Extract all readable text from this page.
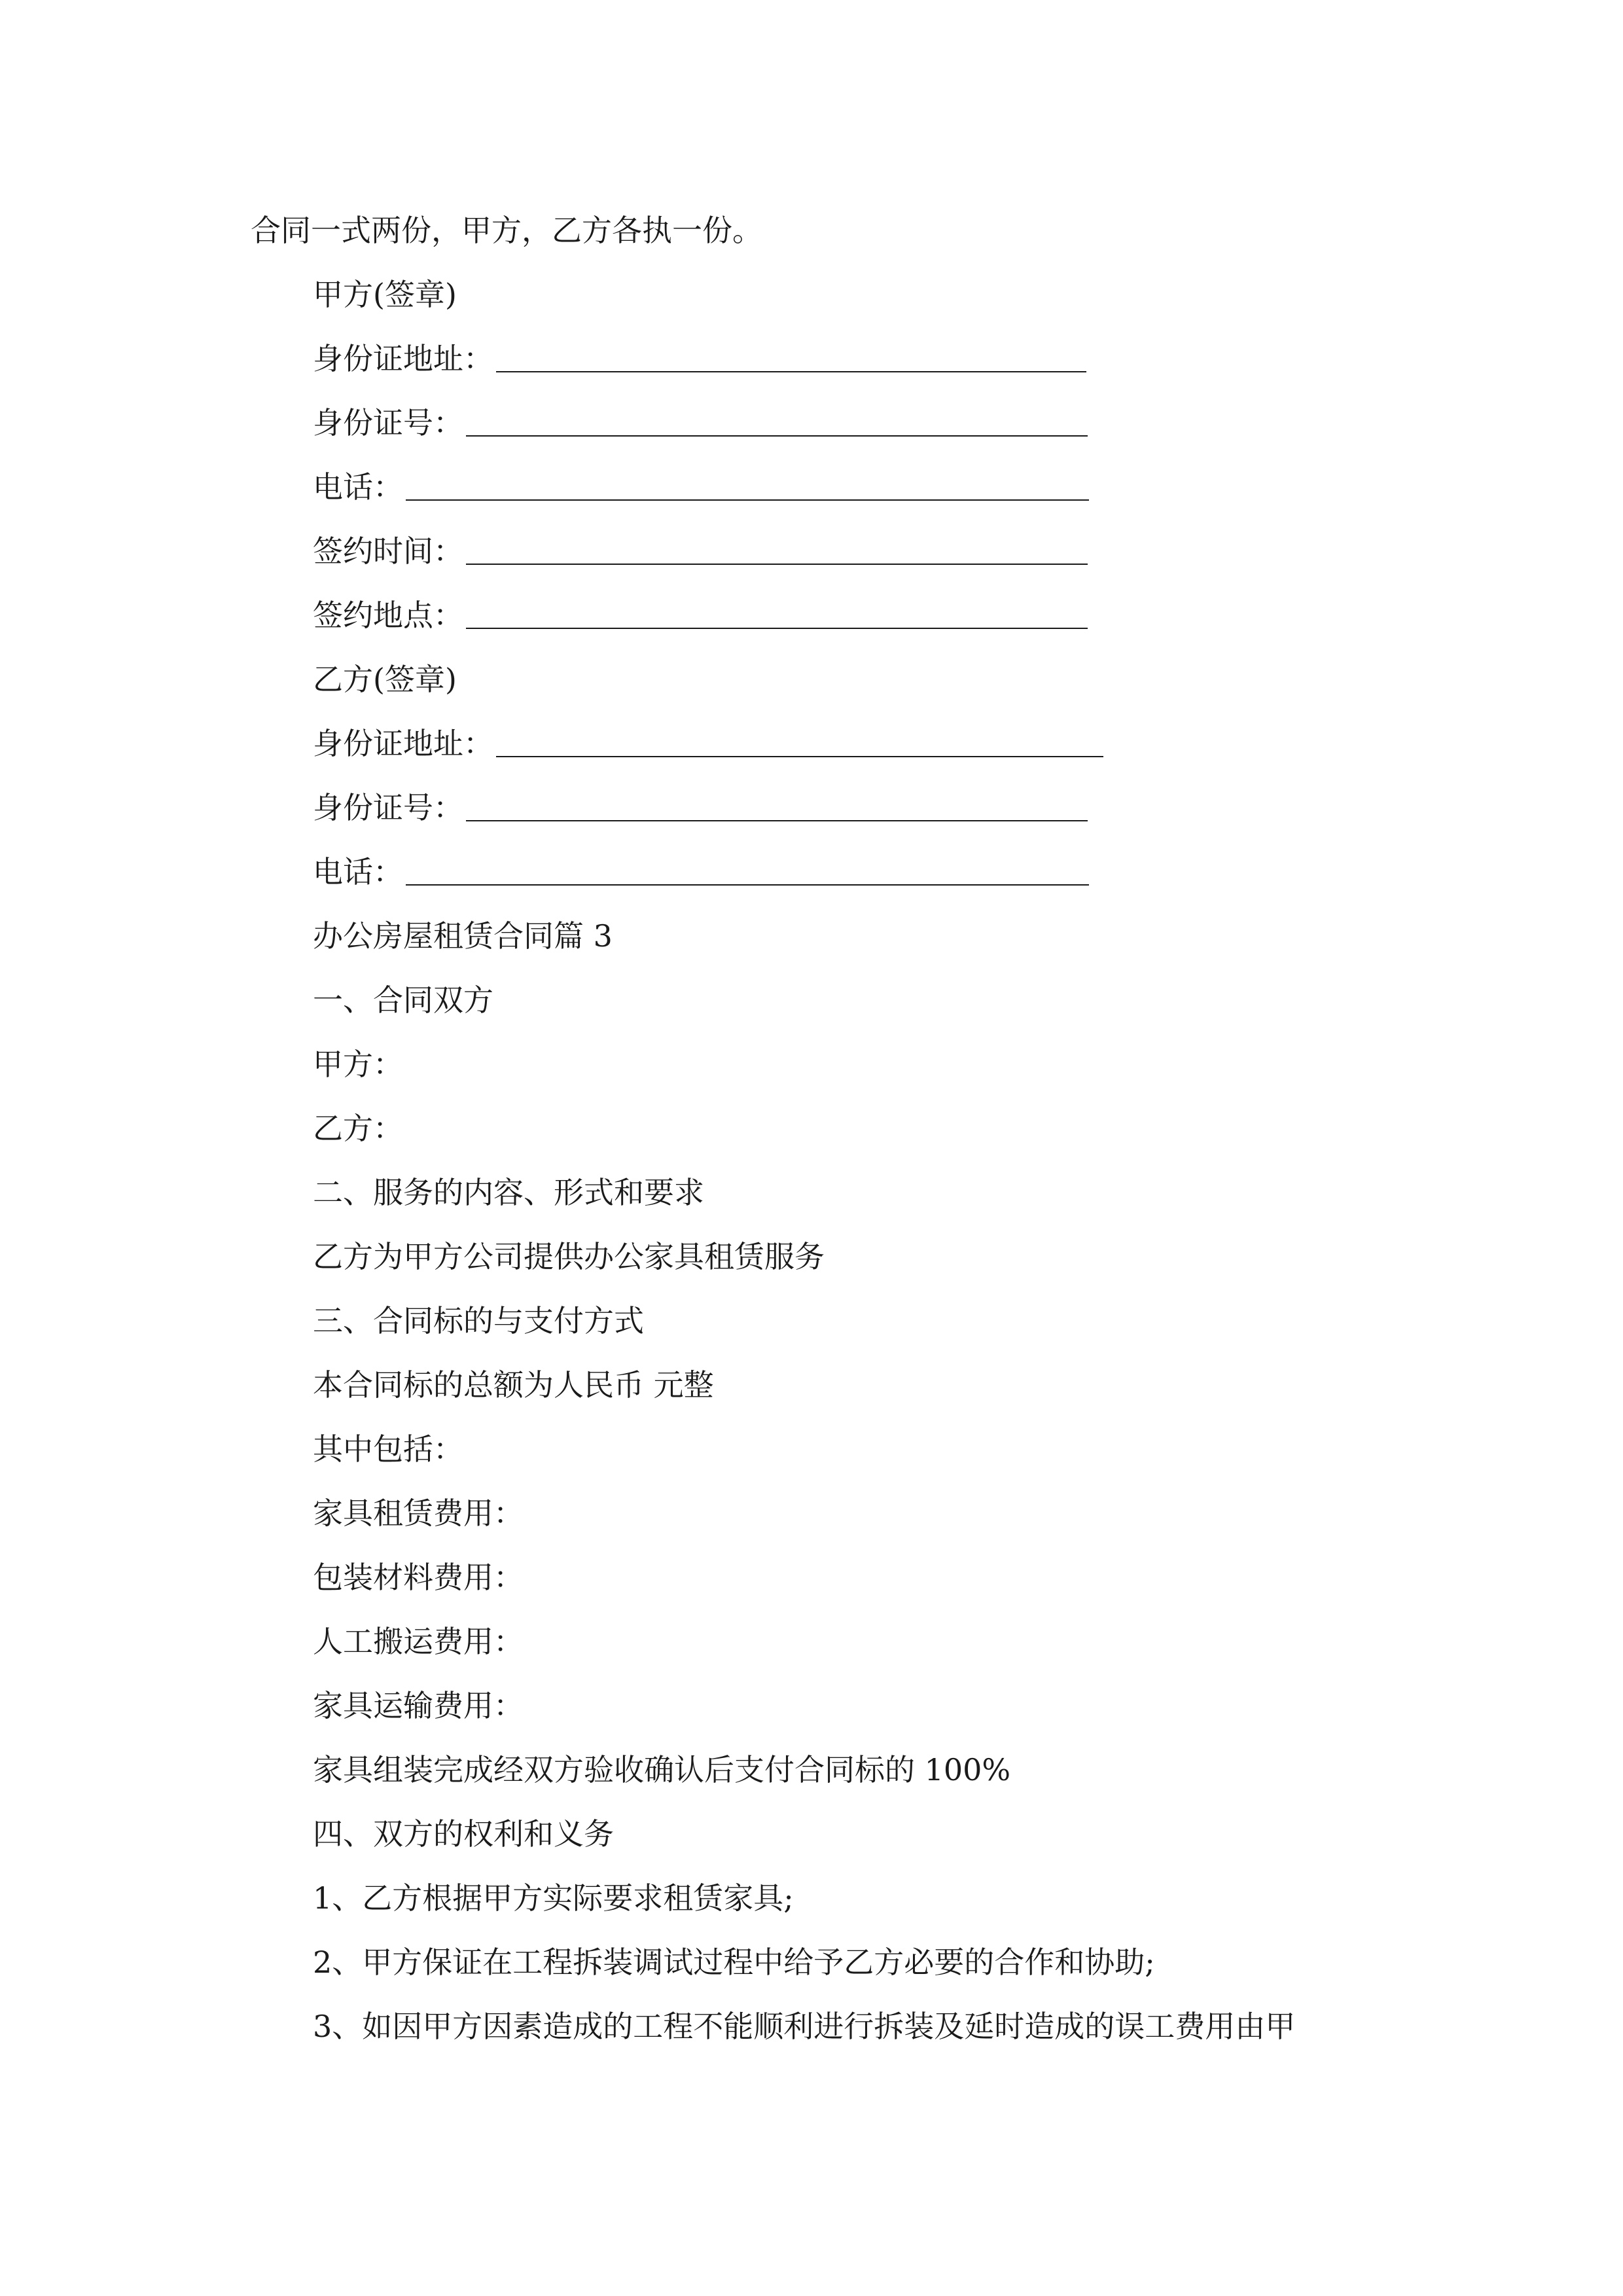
合同一式两份，甲方，乙方各执一份。
甲方(签章)
身份证地址：
身份证号：
电话：
签约时间：
签约地点：
乙方(签章)
身份证地址：
身份证号：
电话：
办公房屋租赁合同篇 3
一、合同双方
甲方：
乙方：
二、服务的内容、形式和要求
乙方为甲方公司提供办公家具租赁服务
三、合同标的与支付方式
本合同标的总额为人民币 元整
其中包括：
家具租赁费用：
包装材料费用：
人工搬运费用：
家具运输费用：
家具组装完成经双方验收确认后支付合同标的 100%
四、双方的权利和义务
1、乙方根据甲方实际要求租赁家具;
2、甲方保证在工程拆装调试过程中给予乙方必要的合作和协助;
3、如因甲方因素造成的工程不能顺利进行拆装及延时造成的误工费用由甲
